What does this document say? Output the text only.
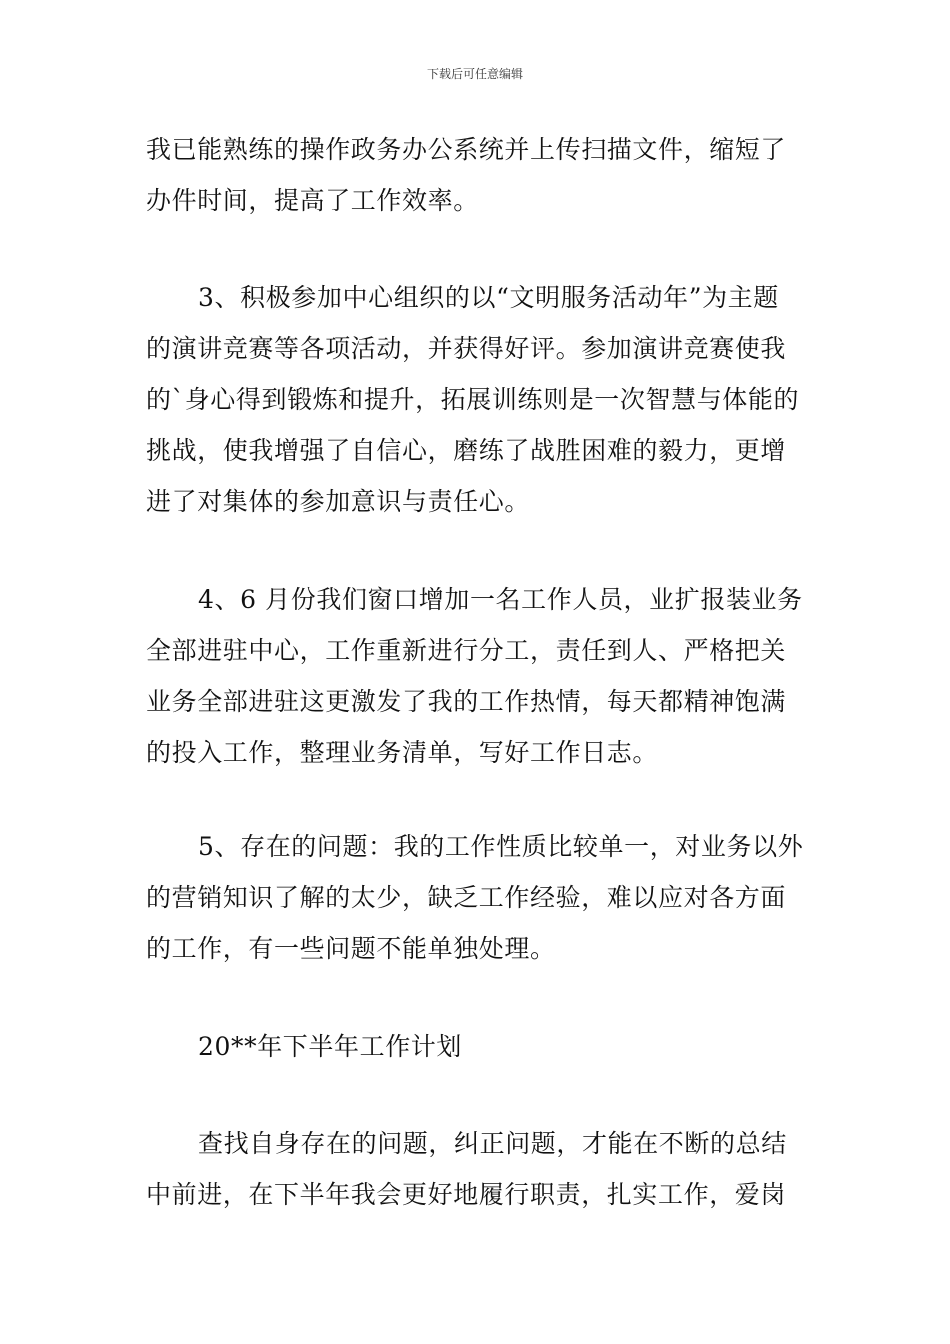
下载后可任意编辑
我已能熟练的操作政务办公系统并上传扫描文件，缩短了
办件时间，提高了工作效率。
3、积极参加中心组织的以“文明服务活动年”为主题
的演讲竞赛等各项活动，并获得好评。参加演讲竞赛使我
的`身心得到锻炼和提升，拓展训练则是一次智慧与体能的
挑战，使我增强了自信心，磨练了战胜困难的毅力，更增
进了对集体的参加意识与责任心。
4、6 月份我们窗口增加一名工作人员，业扩报装业务
全部进驻中心，工作重新进行分工，责任到人、严格把关
业务全部进驻这更激发了我的工作热情，每天都精神饱满
的投入工作，整理业务清单，写好工作日志。
5、存在的问题：我的工作性质比较单一，对业务以外
的营销知识了解的太少，缺乏工作经验，难以应对各方面
的工作，有一些问题不能单独处理。
20**年下半年工作计划
查找自身存在的问题，纠正问题，才能在不断的总结
中前进，在下半年我会更好地履行职责，扎实工作，爱岗
